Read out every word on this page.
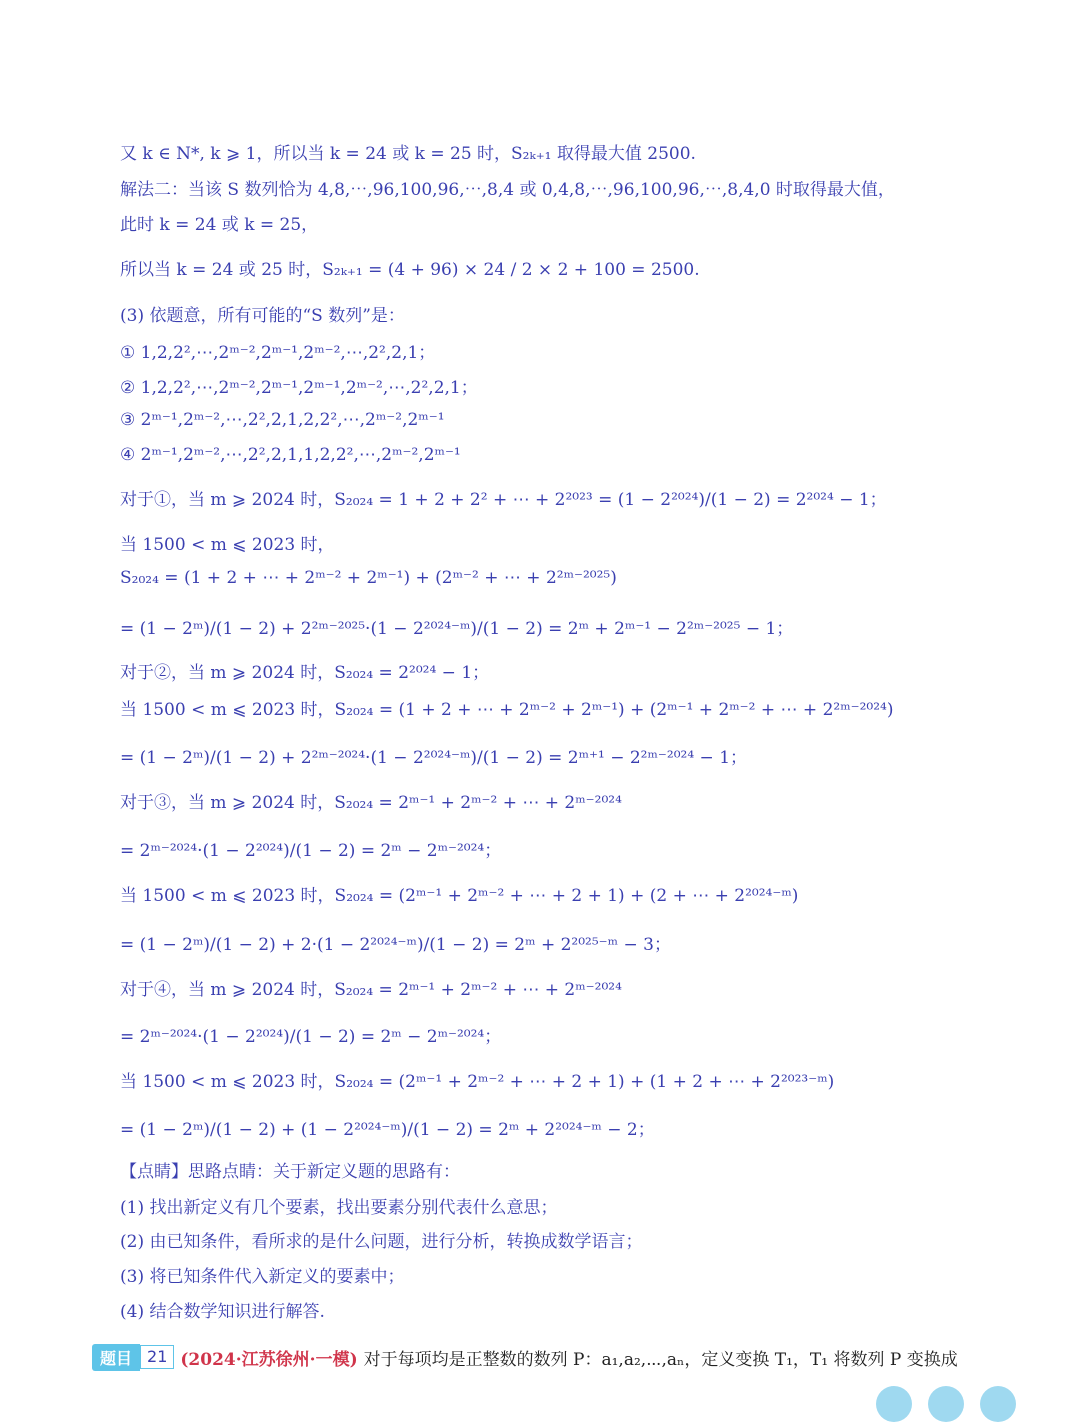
又 k ∈ N*, k ⩾ 1，所以当 k = 24 或 k = 25 时，S₂ₖ₊₁ 取得最大值 2500.
解法二：当该 S 数列恰为 4,8,⋯,96,100,96,⋯,8,4 或 0,4,8,⋯,96,100,96,⋯,8,4,0 时取得最大值，
此时 k = 24 或 k = 25，
所以当 k = 24 或 25 时，S₂ₖ₊₁ = (4 + 96) × 24 / 2 × 2 + 100 = 2500.
(3) 依题意，所有可能的“S 数列”是：
① 1,2,2²,⋯,2ᵐ⁻²,2ᵐ⁻¹,2ᵐ⁻²,⋯,2²,2,1；
② 1,2,2²,⋯,2ᵐ⁻²,2ᵐ⁻¹,2ᵐ⁻¹,2ᵐ⁻²,⋯,2²,2,1；
③ 2ᵐ⁻¹,2ᵐ⁻²,⋯,2²,2,1,2,2²,⋯,2ᵐ⁻²,2ᵐ⁻¹
④ 2ᵐ⁻¹,2ᵐ⁻²,⋯,2²,2,1,1,2,2²,⋯,2ᵐ⁻²,2ᵐ⁻¹
对于①，当 m ⩾ 2024 时，S₂₀₂₄ = 1 + 2 + 2² + ⋯ + 2²⁰²³ = (1 − 2²⁰²⁴)/(1 − 2) = 2²⁰²⁴ − 1；
当 1500 < m ⩽ 2023 时，
S₂₀₂₄ = (1 + 2 + ⋯ + 2ᵐ⁻² + 2ᵐ⁻¹) + (2ᵐ⁻² + ⋯ + 2²ᵐ⁻²⁰²⁵)
= (1 − 2ᵐ)/(1 − 2) + 2²ᵐ⁻²⁰²⁵·(1 − 2²⁰²⁴⁻ᵐ)/(1 − 2) = 2ᵐ + 2ᵐ⁻¹ − 2²ᵐ⁻²⁰²⁵ − 1；
对于②，当 m ⩾ 2024 时，S₂₀₂₄ = 2²⁰²⁴ − 1；
当 1500 < m ⩽ 2023 时，S₂₀₂₄ = (1 + 2 + ⋯ + 2ᵐ⁻² + 2ᵐ⁻¹) + (2ᵐ⁻¹ + 2ᵐ⁻² + ⋯ + 2²ᵐ⁻²⁰²⁴)
= (1 − 2ᵐ)/(1 − 2) + 2²ᵐ⁻²⁰²⁴·(1 − 2²⁰²⁴⁻ᵐ)/(1 − 2) = 2ᵐ⁺¹ − 2²ᵐ⁻²⁰²⁴ − 1；
对于③，当 m ⩾ 2024 时，S₂₀₂₄ = 2ᵐ⁻¹ + 2ᵐ⁻² + ⋯ + 2ᵐ⁻²⁰²⁴
= 2ᵐ⁻²⁰²⁴·(1 − 2²⁰²⁴)/(1 − 2) = 2ᵐ − 2ᵐ⁻²⁰²⁴；
当 1500 < m ⩽ 2023 时，S₂₀₂₄ = (2ᵐ⁻¹ + 2ᵐ⁻² + ⋯ + 2 + 1) + (2 + ⋯ + 2²⁰²⁴⁻ᵐ)
= (1 − 2ᵐ)/(1 − 2) + 2·(1 − 2²⁰²⁴⁻ᵐ)/(1 − 2) = 2ᵐ + 2²⁰²⁵⁻ᵐ − 3；
对于④，当 m ⩾ 2024 时，S₂₀₂₄ = 2ᵐ⁻¹ + 2ᵐ⁻² + ⋯ + 2ᵐ⁻²⁰²⁴
= 2ᵐ⁻²⁰²⁴·(1 − 2²⁰²⁴)/(1 − 2) = 2ᵐ − 2ᵐ⁻²⁰²⁴；
当 1500 < m ⩽ 2023 时，S₂₀₂₄ = (2ᵐ⁻¹ + 2ᵐ⁻² + ⋯ + 2 + 1) + (1 + 2 + ⋯ + 2²⁰²³⁻ᵐ)
= (1 − 2ᵐ)/(1 − 2) + (1 − 2²⁰²⁴⁻ᵐ)/(1 − 2) = 2ᵐ + 2²⁰²⁴⁻ᵐ − 2；
【点睛】思路点睛：关于新定义题的思路有：
(1) 找出新定义有几个要素，找出要素分别代表什么意思；
(2) 由已知条件，看所求的是什么问题，进行分析，转换成数学语言；
(3) 将已知条件代入新定义的要素中；
(4) 结合数学知识进行解答.
题目 21 (2024·江苏徐州·一模) 对于每项均是正整数的数列 P：a₁,a₂,⋯,aₙ，定义变换 T₁，T₁ 将数列 P 变换成
